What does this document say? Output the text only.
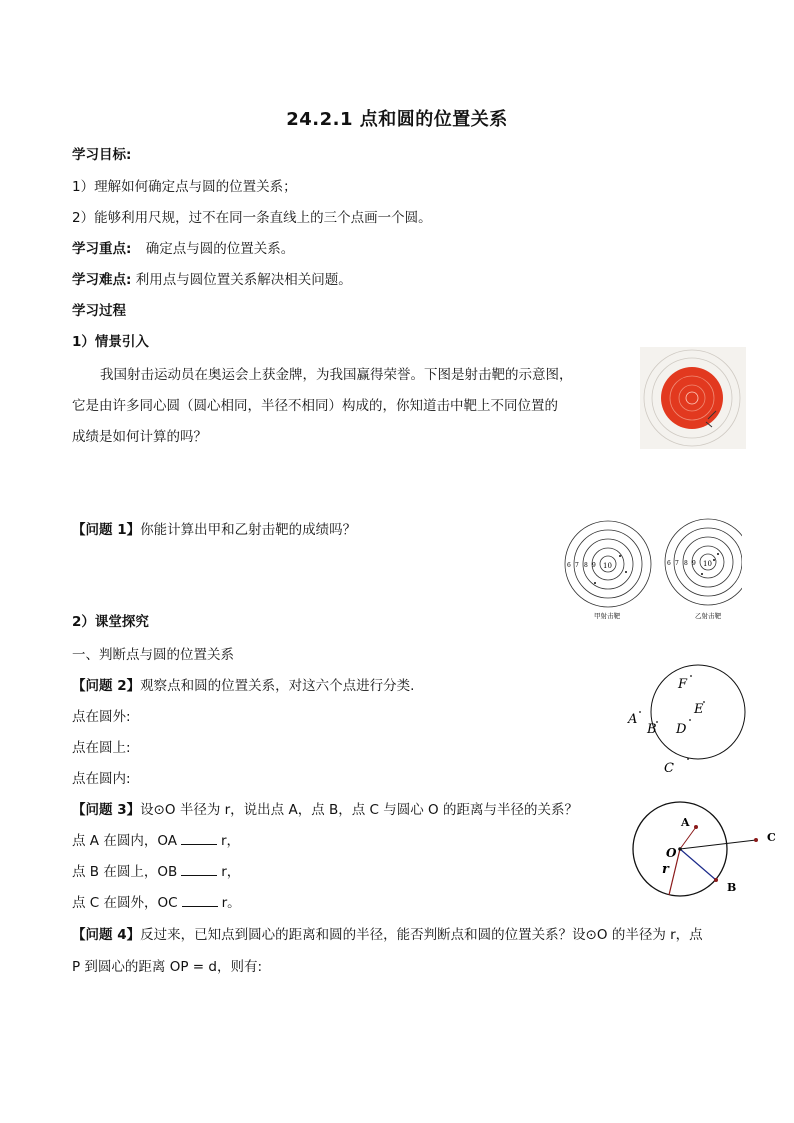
24.2.1 点和圆的位置关系
学习目标:
1）理解如何确定点与圆的位置关系；
2）能够利用尺规，过不在同一条直线上的三个点画一个圆。
学习重点: 确定点与圆的位置关系。
学习难点: 利用点与圆位置关系解决相关问题。
学习过程
1）情景引入
我国射击运动员在奥运会上获金牌，为我国赢得荣誉。下图是射击靶的示意图，
它是由许多同心圆（圆心相同，半径不相同）构成的，你知道击中靶上不同位置的
成绩是如何计算的吗？
【问题 1】你能计算出甲和乙射击靶的成绩吗？
10
6 7 8 9
甲射击靶
10
6 7 8 9
乙射击靶
2）课堂探究
一、判断点与圆的位置关系
【问题 2】观察点和圆的位置关系，对这六个点进行分类.
点在圆外:
点在圆上:
点在圆内:
F
E
A
B D
C
【问题 3】设⊙O 半径为 r，说出点 A，点 B，点 C 与圆心 O 的距离与半径的关系？
点 A 在圆内，OA	r，
点 B 在圆上，OB	r，
点 C 在圆外，OC	r。
A
C
B
O
r
【问题 4】反过来，已知点到圆心的距离和圆的半径，能否判断点和圆的位置关系？设⊙O 的半径为 r，点
P 到圆心的距离 OP = d，则有:
